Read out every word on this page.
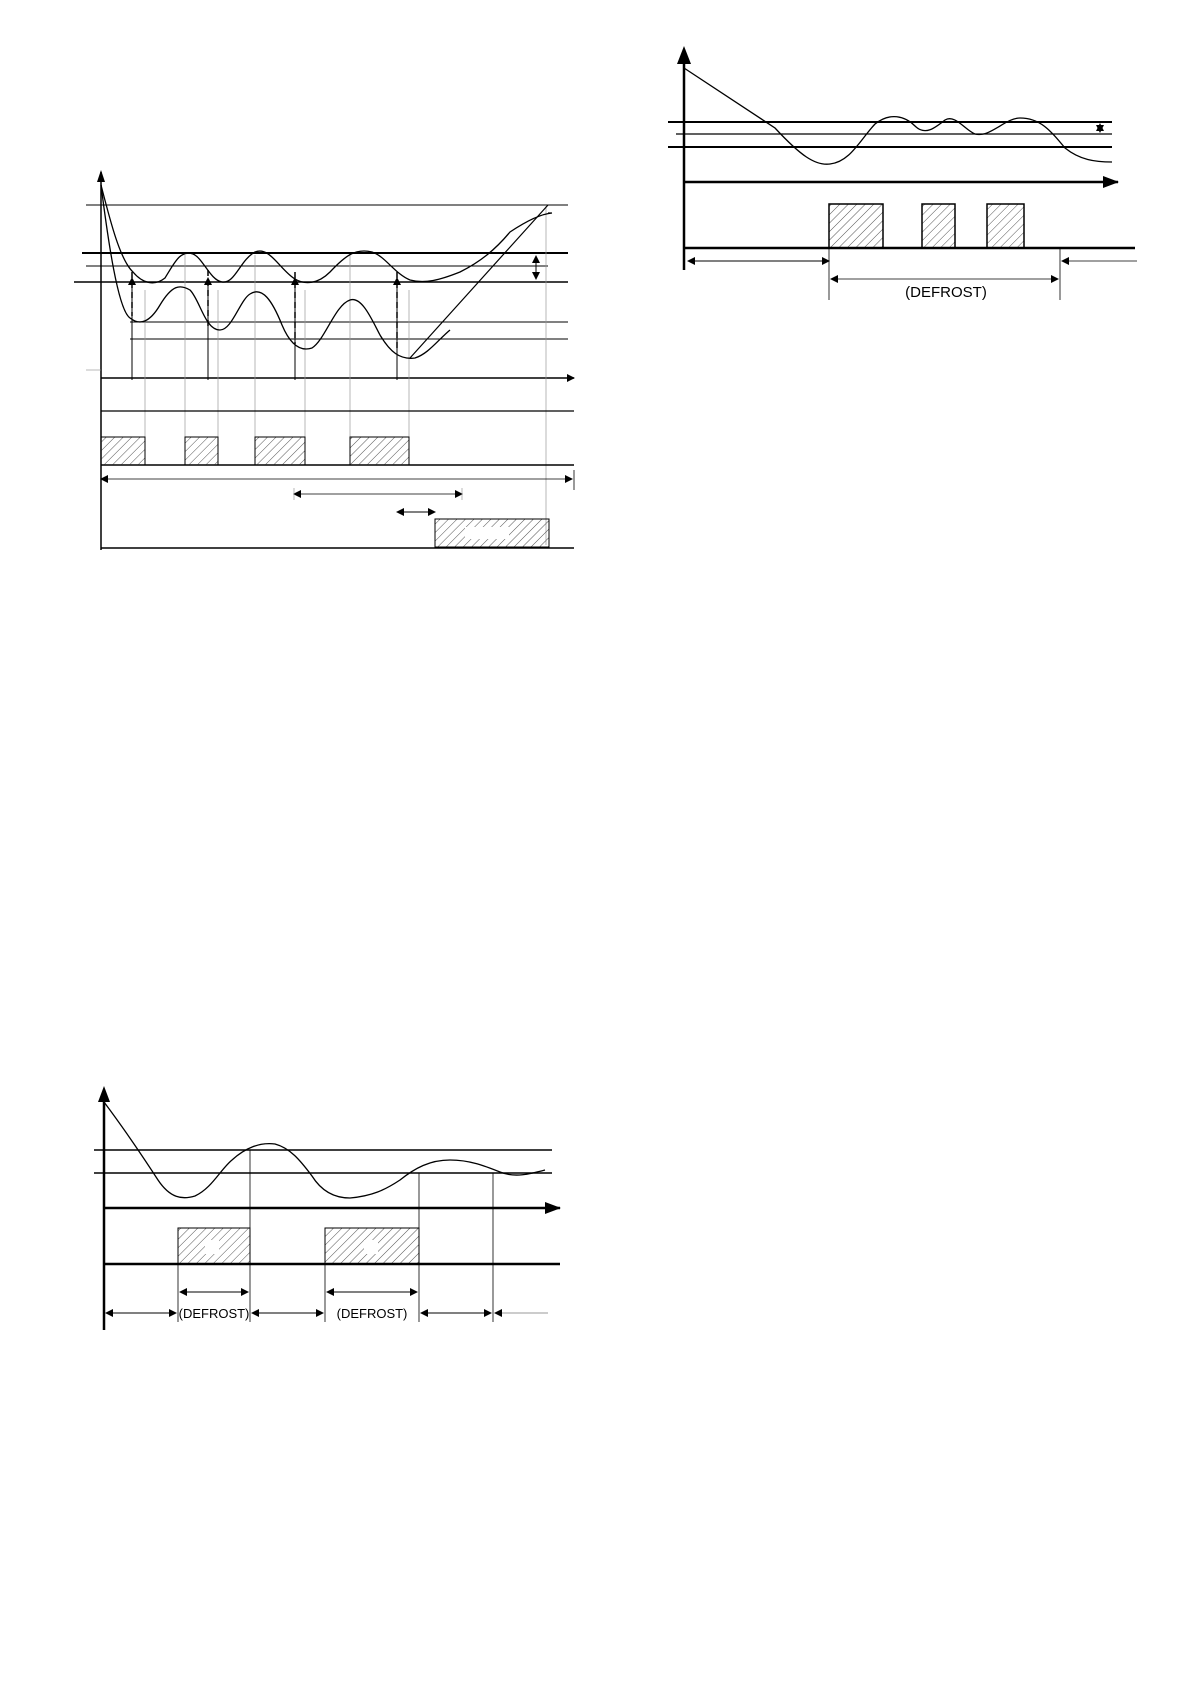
(DEFROST)
(DEFROST)	(DEFROST)
